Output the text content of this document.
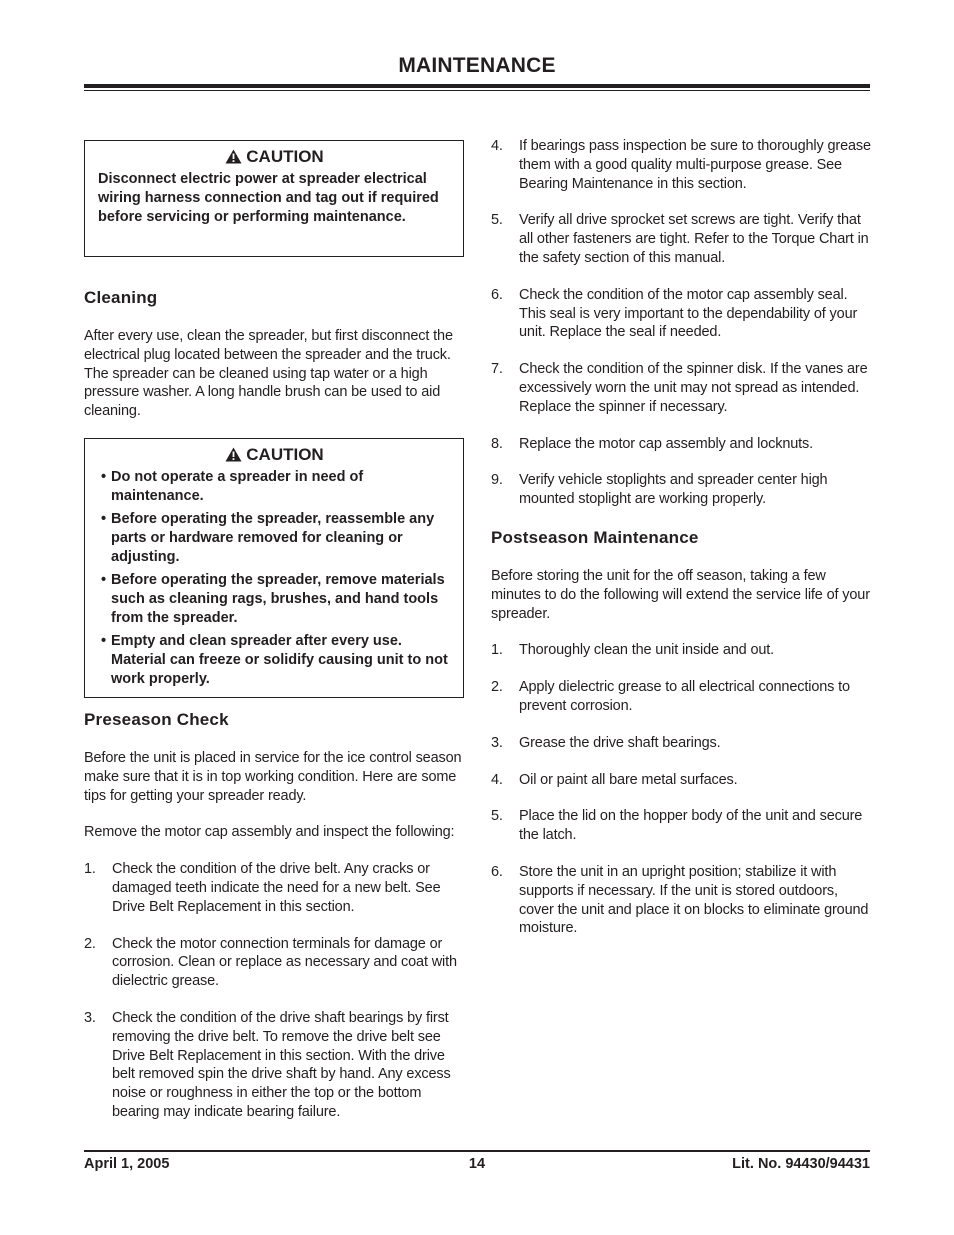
MAINTENANCE
CAUTION
Disconnect electric power at spreader electrical wiring harness connection and tag out if required before servicing or performing maintenance.
Cleaning

After every use, clean the spreader, but first disconnect the electrical plug located between the spreader and the truck. The spreader can be cleaned using tap water or a high pressure washer. A long handle brush can be used to aid cleaning.

CAUTION
• Do not operate a spreader in need of maintenance.
• Before operating the spreader, reassemble any parts or hardware removed for cleaning or adjusting.
• Before operating the spreader, remove materials such as cleaning rags, brushes, and hand tools from the spreader.
• Empty and clean spreader after every use. Material can freeze or solidify causing unit to not work properly.
Preseason Check

Before the unit is placed in service for the ice control season make sure that it is in top working condition. Here are some tips for getting your spreader ready.

Remove the motor cap assembly and inspect the following:

1.	Check the condition of the drive belt. Any cracks or damaged teeth indicate the need for a new belt. See Drive Belt Replacement in this section.
2.	Check the motor connection terminals for damage or corrosion. Clean or replace as necessary and coat with dielectric grease.
3.	Check the condition of the drive shaft bearings by first removing the drive belt. To remove the drive belt see Drive Belt Replacement in this section. With the drive belt removed spin the drive shaft by hand. Any excess noise or roughness in either the top or the bottom bearing may indicate bearing failure.
4.	If bearings pass inspection be sure to thoroughly grease them with a good quality multi-purpose grease. See Bearing Maintenance in this section.
5.	Verify all drive sprocket set screws are tight. Verify that all other fasteners are tight. Refer to the Torque Chart in the safety section of this manual.
6.	Check the condition of the motor cap assembly seal. This seal is very important to the dependability of your unit. Replace the seal if needed.
7.	Check the condition of the spinner disk. If the vanes are excessively worn the unit may not spread as intended. Replace the spinner if necessary.
8.	Replace the motor cap assembly and locknuts.
9.	Verify vehicle stoplights and spreader center high mounted stoplight are working properly.
Postseason Maintenance

Before storing the unit for the off season, taking a few minutes to do the following will extend the service life of your spreader.

1.	Thoroughly clean the unit inside and out.
2.	Apply dielectric grease to all electrical connections to prevent corrosion.
3.	Grease the drive shaft bearings.
4.	Oil or paint all bare metal surfaces.
5.	Place the lid on the hopper body of the unit and secure the latch.
6.	Store the unit in an upright position; stabilize it with supports if necessary. If the unit is stored outdoors, cover the unit and place it on blocks to eliminate ground moisture.
April 1, 2005	14	Lit. No. 94430/94431
